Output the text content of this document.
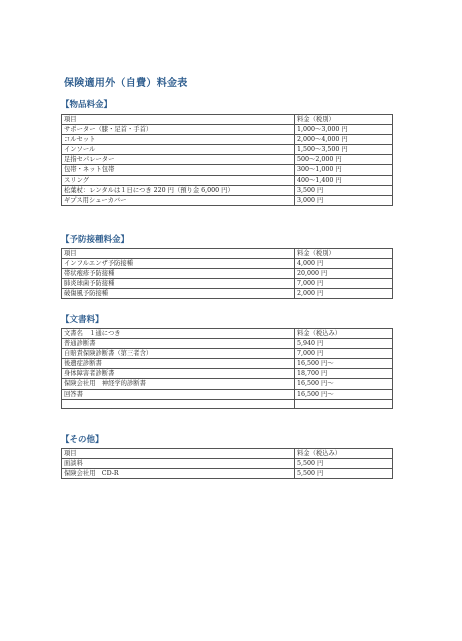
保険適用外（自費）料金表
【物品料金】
項目	料金（税別）
サポーター（膝・足首・手首）	1,000～3,000 円
コルセット	2,000～4,000 円
インソール	1,500～3,500 円
足指セパレーター	500～2,000 円
包帯・ネット包帯	300～1,000 円
スリング	400～1,400 円
松葉杖：レンタルは１日につき 220 円（預り金 6,000 円）	3,500 円
ギプス用シューカバー	3,000 円
【予防接種料金】
項目	料金（税別）
インフルエンザ予防接種	4,000 円
帯状疱疹予防接種	20,000 円
肺炎球菌予防接種	7,000 円
破傷風予防接種	2,000 円
【文書料】
文書名　１通につき	料金（税込み）
普通診断書	5,940 円
自賠責保険診断書（第三者含）	7,000 円
後遺症診断書	16,500 円～
身体障害者診断書	18,700 円
保険会社用　神経学的診断書	16,500 円～
回答書	16,500 円～

【その他】
項目	料金（税込み）
面談料	5,500 円
保険会社用　CD-R	5,500 円
